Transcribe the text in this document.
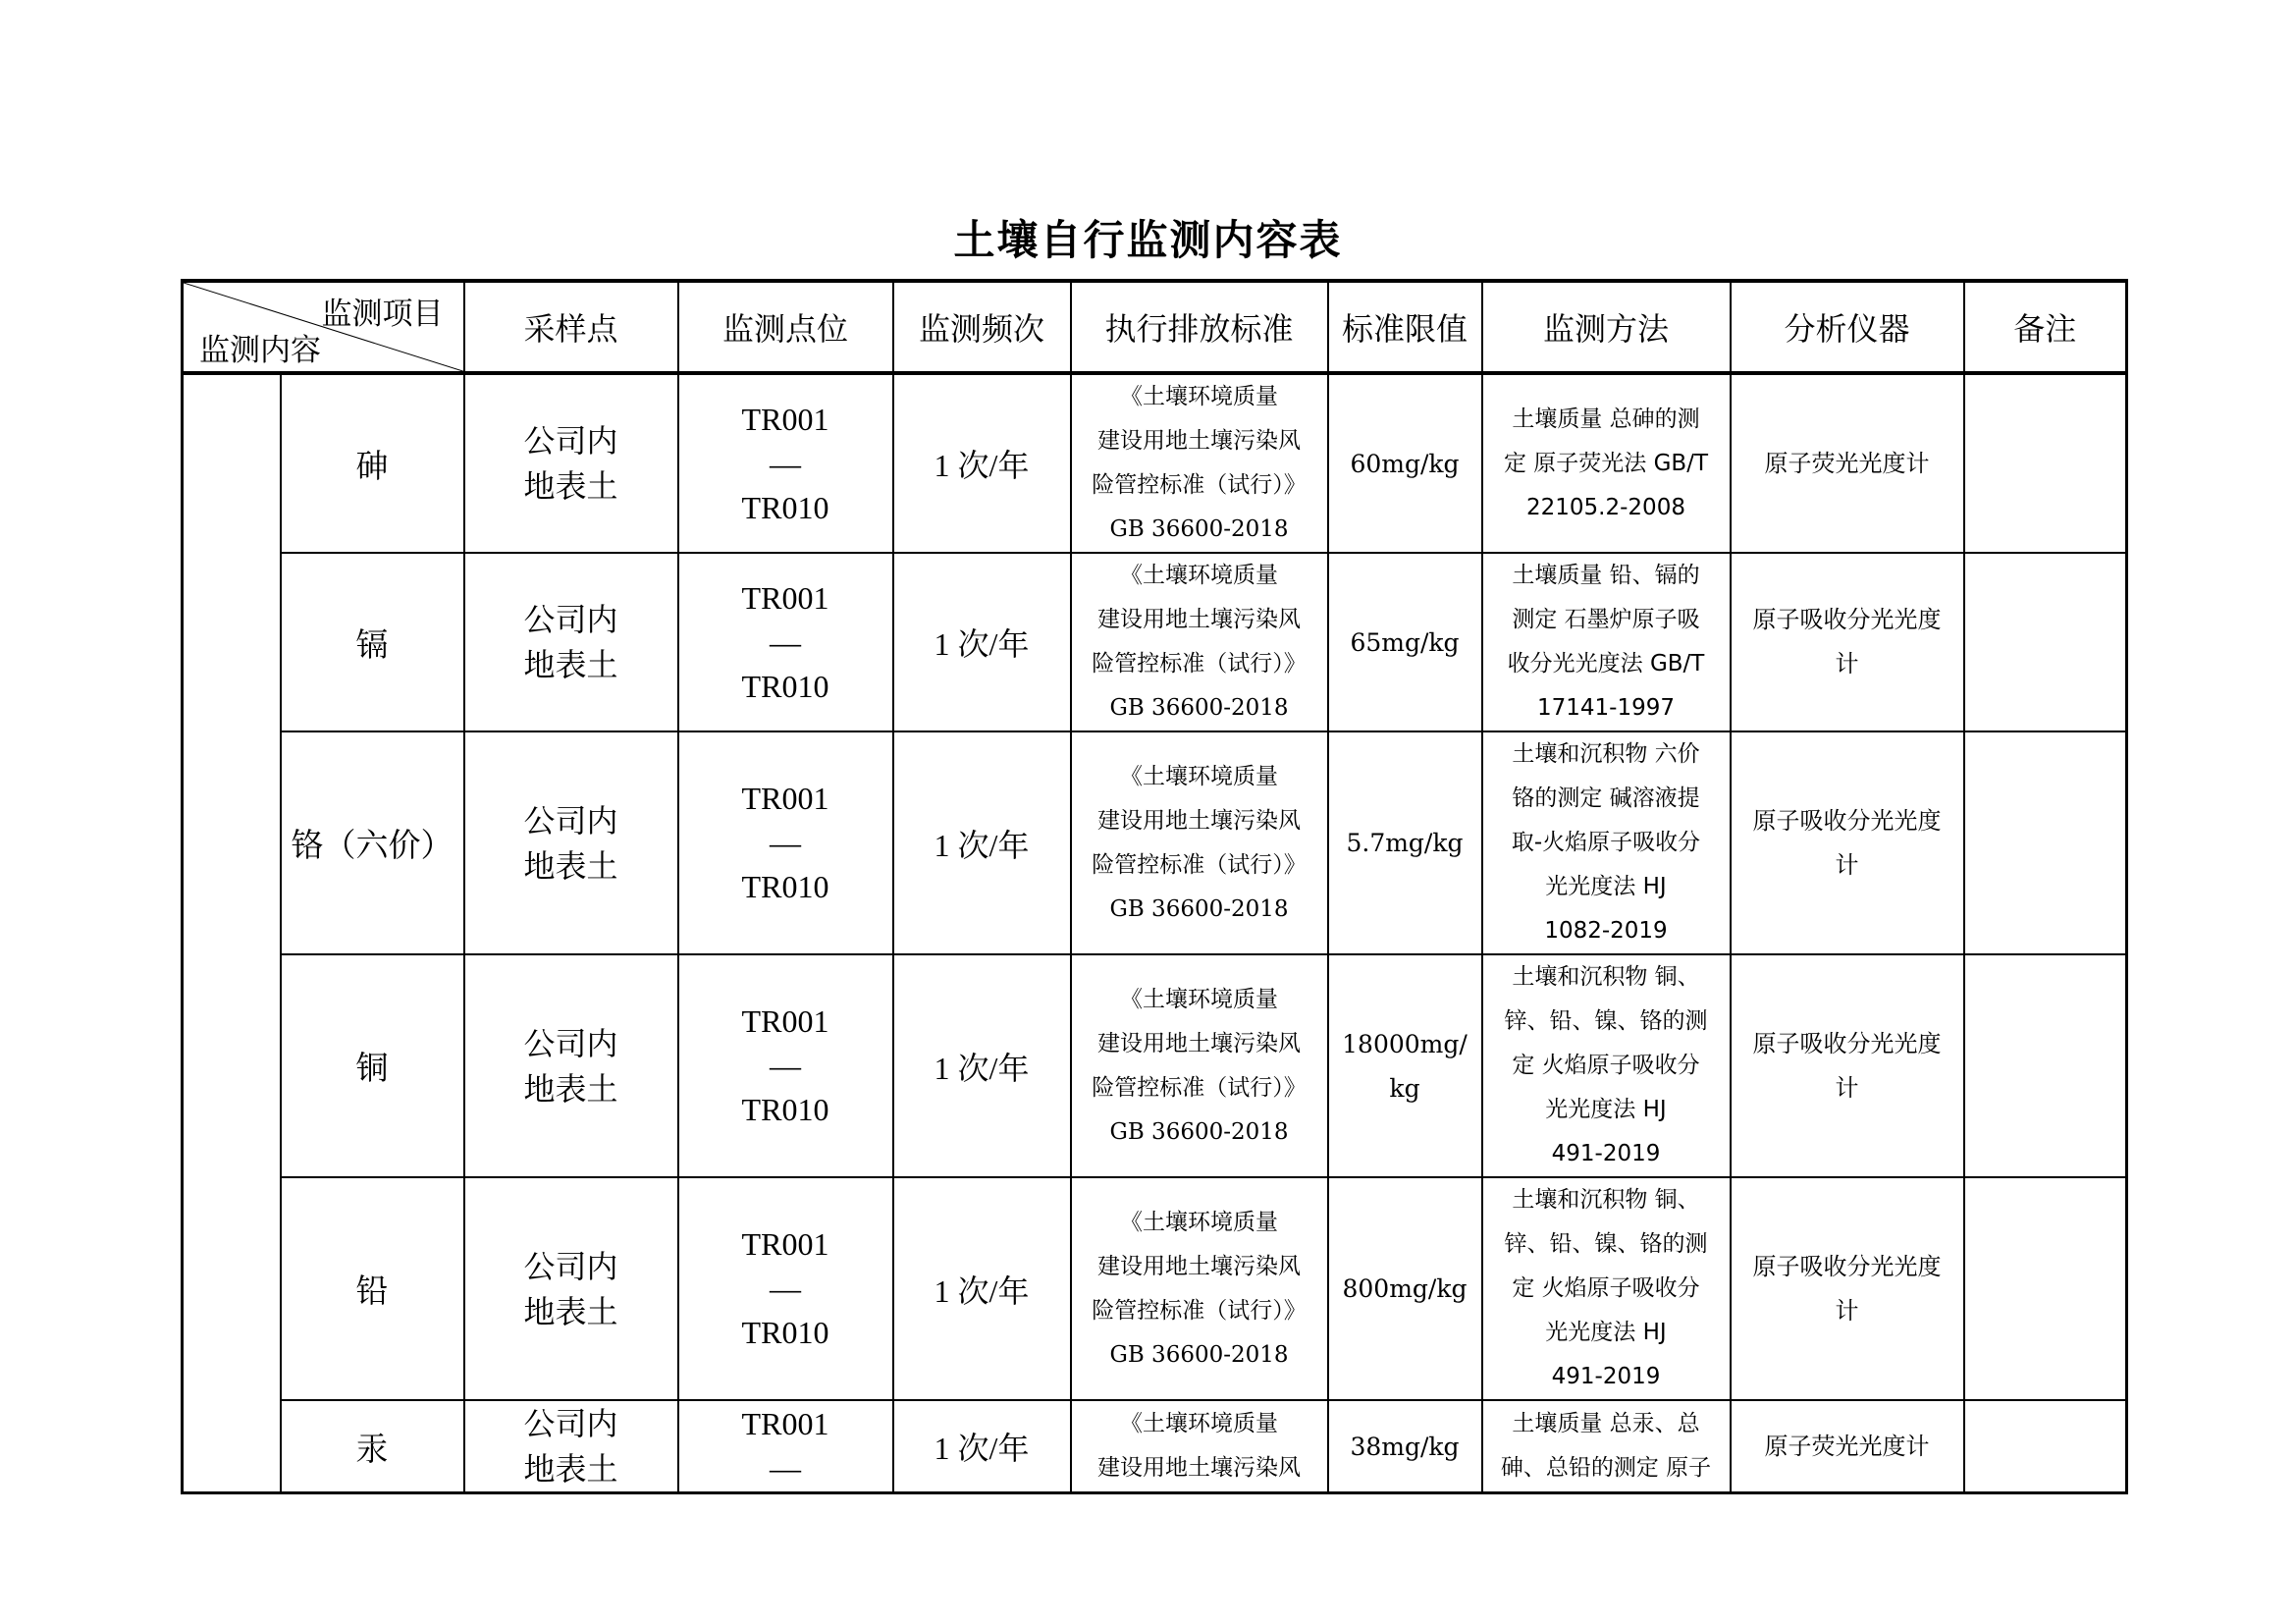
土壤自行监测内容表
监测项目
监测内容		采样点	监测点位	监测频次	执行排放标准	标准限值	监测方法	分析仪器	备注
	砷	公司内
地表土	TR001
—
TR010	1 次/年	《土壤环境质量
建设用地土壤污染风
险管控标准（试行）》
GB 36600-2018	60mg/kg	土壤质量 总砷的测
定 原子荧光法 GB/T
22105.2-2008	原子荧光光度计	
	镉	公司内
地表土	TR001
—
TR010	1 次/年	《土壤环境质量
建设用地土壤污染风
险管控标准（试行）》
GB 36600-2018	65mg/kg	土壤质量 铅、镉的
测定 石墨炉原子吸
收分光光度法 GB/T
17141-1997	原子吸收分光光度
计	
	铬（六价）	公司内
地表土	TR001
—
TR010	1 次/年	《土壤环境质量
建设用地土壤污染风
险管控标准（试行）》
GB 36600-2018	5.7mg/kg	土壤和沉积物 六价
铬的测定 碱溶液提
取-火焰原子吸收分
光光度法 HJ
1082-2019	原子吸收分光光度
计	
	铜	公司内
地表土	TR001
—
TR010	1 次/年	《土壤环境质量
建设用地土壤污染风
险管控标准（试行）》
GB 36600-2018	18000mg/
kg	土壤和沉积物 铜、
锌、铅、镍、铬的测
定 火焰原子吸收分
光光度法 HJ
491-2019	原子吸收分光光度
计	
	铅	公司内
地表土	TR001
—
TR010	1 次/年	《土壤环境质量
建设用地土壤污染风
险管控标准（试行）》
GB 36600-2018	800mg/kg	土壤和沉积物 铜、
锌、铅、镍、铬的测
定 火焰原子吸收分
光光度法 HJ
491-2019	原子吸收分光光度
计	
	汞	公司内
地表土	TR001
—	1 次/年	《土壤环境质量
建设用地土壤污染风	38mg/kg	土壤质量 总汞、总
砷、总铅的测定 原子	原子荧光光度计	
